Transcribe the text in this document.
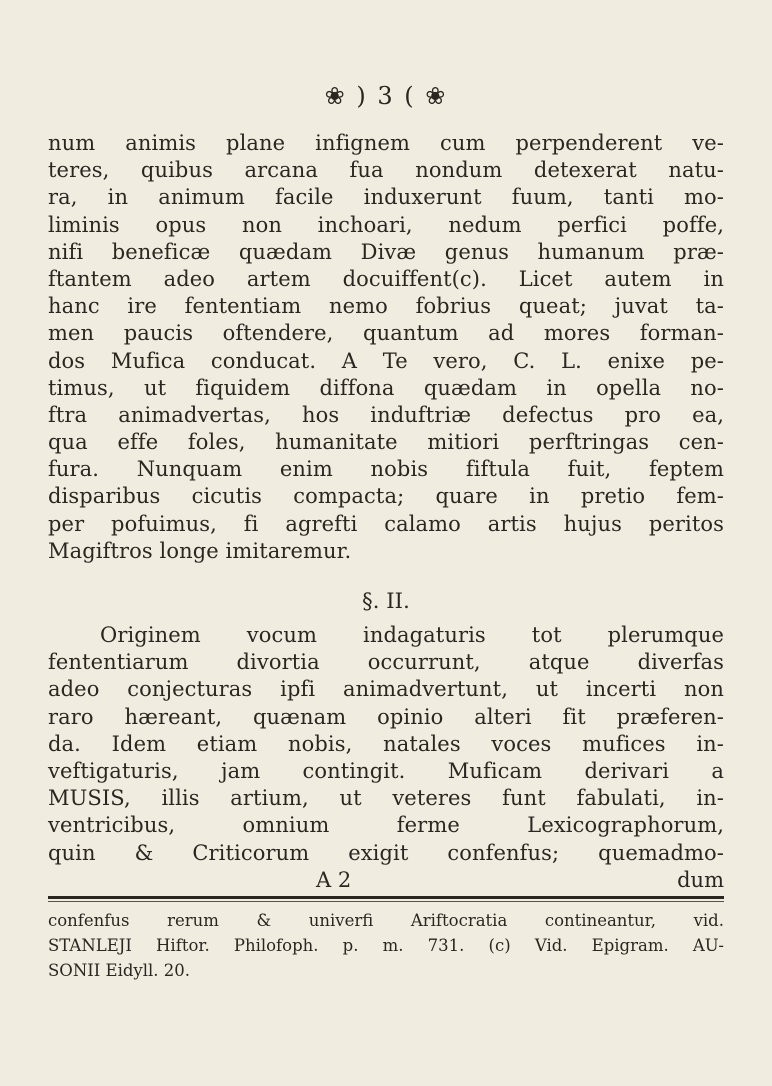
❀ ) 3 ( ❀
num animis plane infignem cum perpenderent ve-
teres, quibus arcana fua nondum detexerat natu-
ra, in animum facile induxerunt fuum, tanti mo-
liminis opus non inchoari, nedum perfici poffe,
nifi beneficæ quædam Divæ genus humanum præ-
ftantem adeo artem docuiffent(c). Licet autem in
hanc ire fententiam nemo fobrius queat; juvat ta-
men paucis oftendere, quantum ad mores forman-
dos Mufica conducat. A Te vero, C. L. enixe pe-
timus, ut fiquidem diffona quædam in opella no-
ftra animadvertas, hos induftriæ defectus pro ea,
qua effe foles, humanitate mitiori perftringas cen-
fura. Nunquam enim nobis fiftula fuit, feptem
disparibus cicutis compacta; quare in pretio fem-
per pofuimus, fi agrefti calamo artis hujus peritos
Magiftros longe imitaremur.
§. II.
Originem vocum indagaturis tot plerumque
fententiarum divortia occurrunt, atque diverfas
adeo conjecturas ipfi animadvertunt, ut incerti non
raro hæreant, quænam opinio alteri fit præferen-
da. Idem etiam nobis, natales voces mufices in-
veftigaturis, jam contingit. Muficam derivari a
MUSIS, illis artium, ut veteres funt fabulati, in-
ventricibus, omnium ferme Lexicographorum,
quin & Criticorum exigit confenfus; quemadmo-
A 2	dum
confenfus rerum & univerfi Ariftocratia contineantur, vid.
STANLEJI Hiftor. Philofoph. p. m. 731. (c) Vid. Epigram. AU-
SONII Eidyll. 20.
